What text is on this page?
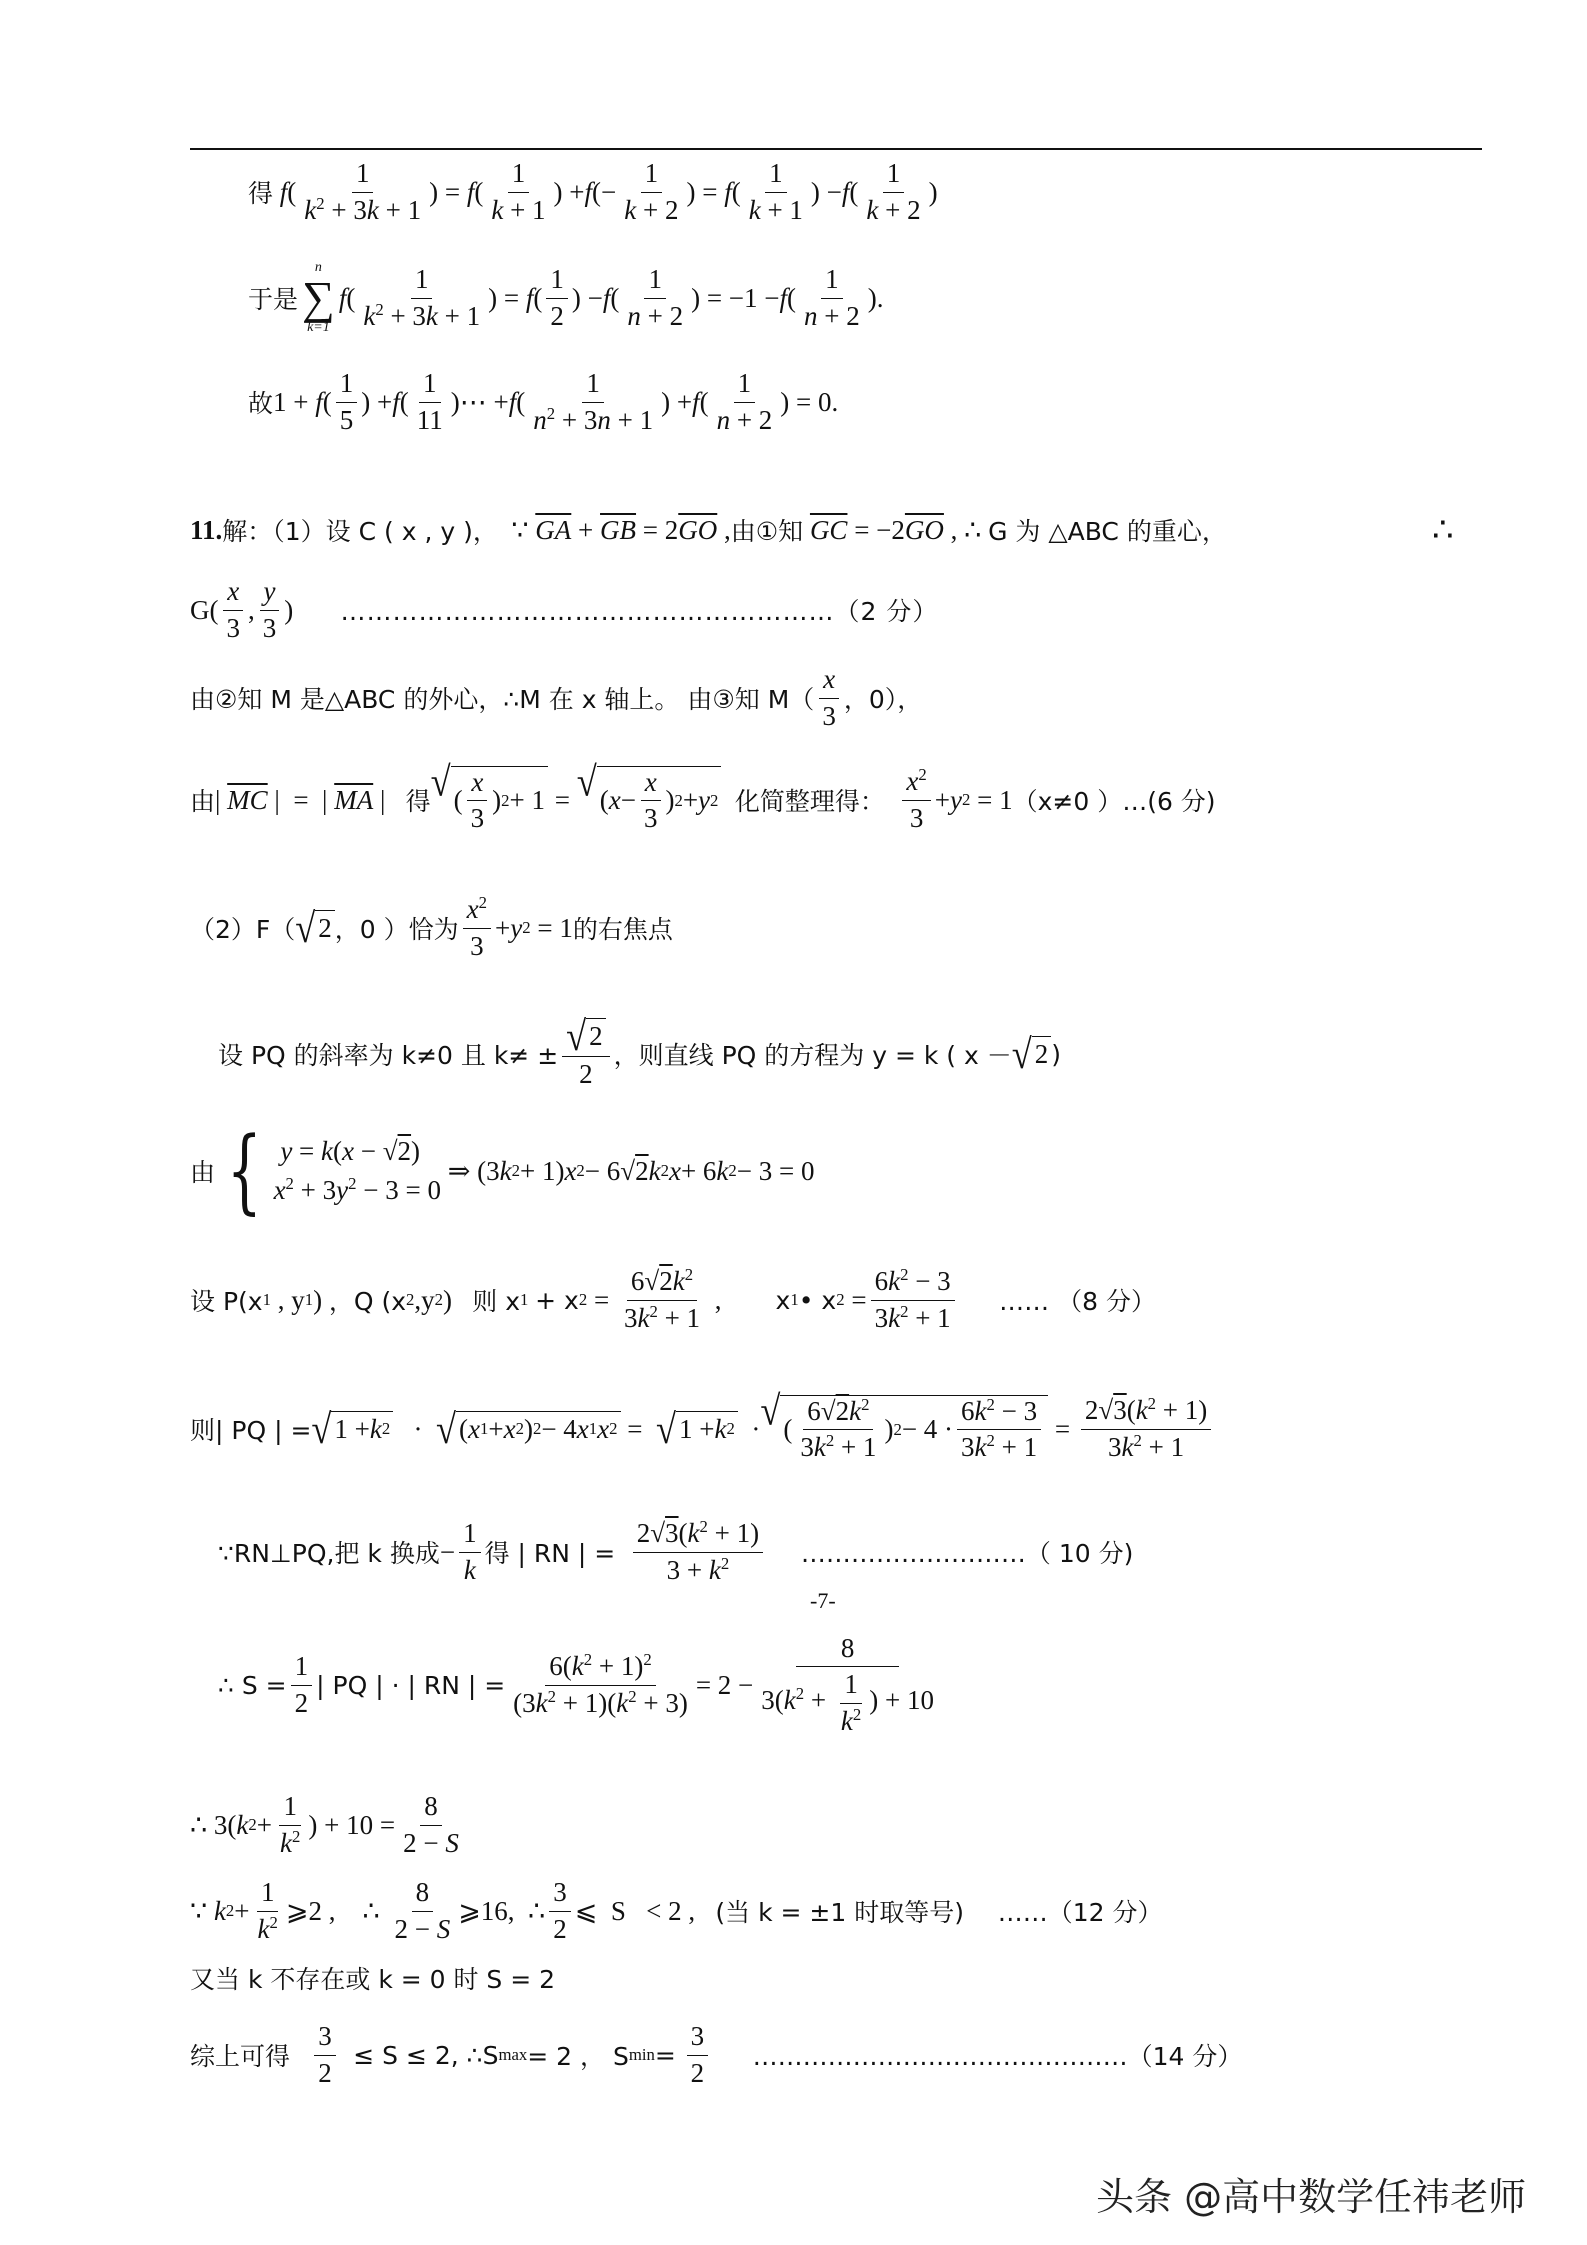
得 f ( $\frac{1}{k^2 + 3k + 1}$ ) = f ( $\frac{1}{k + 1}$ ) + f (− $\frac{1}{k + 2}$ ) = f ( $\frac{1}{k + 1}$ ) − f ( $\frac{1}{k + 2}$ )
于是
n
∑
k=1
f ( $\frac{1}{k^2 + 3k + 1}$ ) = f ( $\frac{1}{2}$ ) − f ( $\frac{1}{n + 2}$ ) = −1 − f ( $\frac{1}{n + 2}$ ).
故 1 + f ( $\frac{1}{5}$ ) + f ( $\frac{1}{11}$ )⋯ + f ( $\frac{1}{n^2 + 3n + 1}$ ) + f ( $\frac{1}{n + 2}$ ) = 0.
11. 解：（1）设 C ( x , y )，
∵
$\overline{GA} + \overline{GB} = 2$ $\overline{GO}$ , 由①知
$\overline{GC} = -2$ $\overline{GO}$ , ∴ G 为 △ABC 的重心，	∴
$G( \frac{x}{3}$ , $\frac{y}{3}$ ) …………………………………………………（2 分）
由②知 M 是△ABC 的外心，∴M 在 x 轴上。 由③知 $M( \frac{x}{3}$ ，0），
由 | $\overline{MC}$ |  =  | $\overline{MA}$ | 得 √ ( $\frac{x}{3}$ ) 2 + 1 = √ ( $x - \frac{x}{3}$ ) 2 + y 2
化简整理得：
$\frac{x^2}{3} + y$ 2 = 1 （x≠0 ）…(6 分)
（2）F（ √ 2 ，0 ）恰为 $\frac{x^2}{3} + y$ 2 = 1 的右焦点
设 PQ 的斜率为 k≠0 且 $k\ne \pm \frac{√ 2}{2}$ ，则直线 PQ 的方程为 y = k ( x － √ 2 )
由 { y = k(x − √2)
$x^2 + 3y^2 - 3 = 0$
⇒ (3 k 2 + 1) x 2 − 6√ 2 k 2 x + 6 k 2 − 3 = 0
设 P(x 1 , y 1 ) ，Q (x 2 ,y 2 ) 则 x 1
+ x $2 = \frac{6√2k^2}{3k^2 + 1}$ , x 1 • x $2 = \frac{6k^2 - 3}{3k^2 + 1}$
…… （8 分）
则| PQ | = √ 1 + k 2 · √ ( x 1 + x 2 ) 2 − 4 x 1 x 2 = √ 1 + k 2 · √ ( $\frac{6√2k^2}{3k^2 + 1}$ ) $2 - 4 \cdot \frac{6k^2 - 3}{3k^2 + 1} = \frac{2√3(k^2 + 1)}{3k^2 + 1}$
∵RN⊥PQ,把 k 换成 − $\frac{1}{k}$ 得 | RN | =
$\frac{2√3(k^2 + 1)}{3 + k^2}$
………………………（ 10 分)
-7-
∴ $S = \frac{1}{2}$ | PQ | · | RN | = $\frac{6(k^2 + 1)^2}{(3k^2 + 1)(k^2 + 3)} = 2 - \frac{8}{3(k^2 + \frac{1}{k^2} ) + 10}$
∴ 3( k $2 + \frac{1}{k^2}$ ) + $10 = \frac{8}{2 - S}$
∵ k $2 + \frac{1}{k^2}$ ⩾2 ,    ∴ $\frac{8}{2 - S}$ ⩾16,  ∴ $\frac{3}{2}$ ⩽  S   < 2 , (当 k = ±1 时取等号)
……（12 分）
又当 k 不存在或 k = 0 时 S = 2
综上可得
$\frac{3}{2}$
≤ S ≤ 2, ∴S max = 2 ， S min =
$\frac{3}{2}$
………………………………………（14 分）
头条 @高中数学任祎老师
